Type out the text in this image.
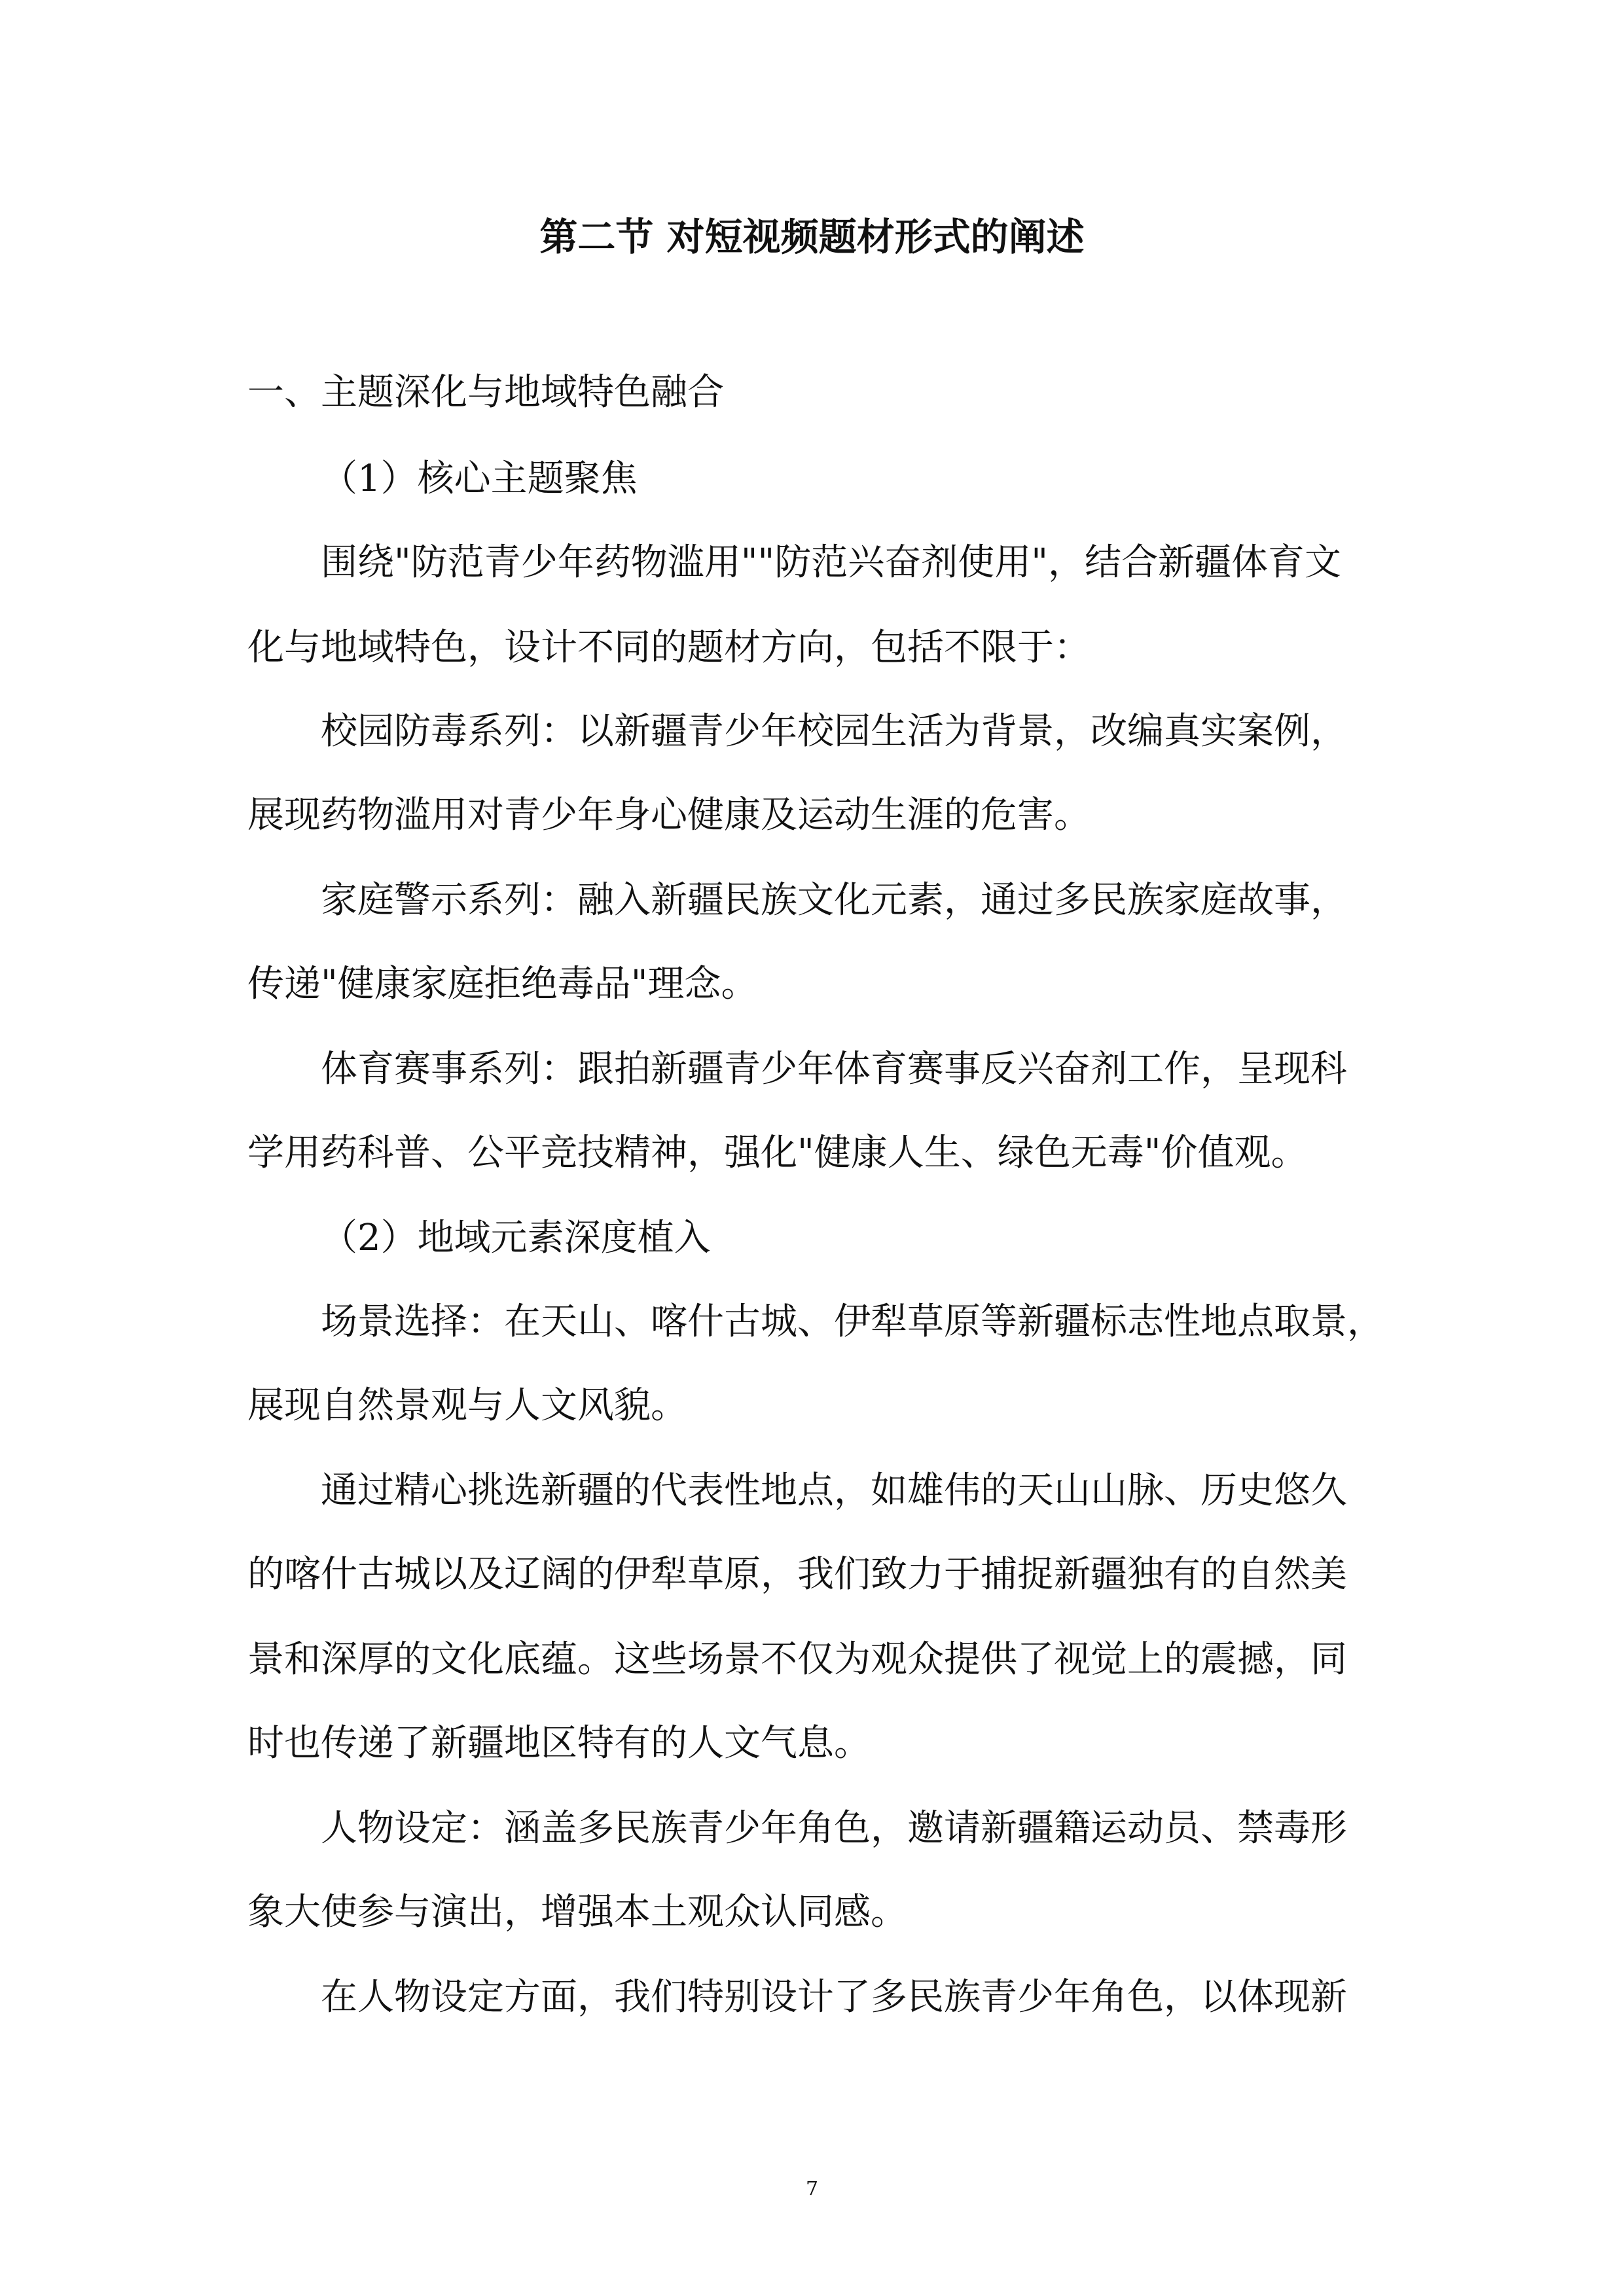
第二节 对短视频题材形式的阐述
一、主题深化与地域特色融合
（1）核心主题聚焦
围绕"防范青少年药物滥用""防范兴奋剂使用"，结合新疆体育文
化与地域特色，设计不同的题材方向，包括不限于：
校园防毒系列：以新疆青少年校园生活为背景，改编真实案例，
展现药物滥用对青少年身心健康及运动生涯的危害。
家庭警示系列：融入新疆民族文化元素，通过多民族家庭故事，
传递"健康家庭拒绝毒品"理念。
体育赛事系列：跟拍新疆青少年体育赛事反兴奋剂工作，呈现科
学用药科普、公平竞技精神，强化"健康人生、绿色无毒"价值观。
（2）地域元素深度植入
场景选择：在天山、喀什古城、伊犁草原等新疆标志性地点取景，
展现自然景观与人文风貌。
通过精心挑选新疆的代表性地点，如雄伟的天山山脉、历史悠久
的喀什古城以及辽阔的伊犁草原，我们致力于捕捉新疆独有的自然美
景和深厚的文化底蕴。这些场景不仅为观众提供了视觉上的震撼，同
时也传递了新疆地区特有的人文气息。
人物设定：涵盖多民族青少年角色，邀请新疆籍运动员、禁毒形
象大使参与演出，增强本土观众认同感。
在人物设定方面，我们特别设计了多民族青少年角色，以体现新
7
